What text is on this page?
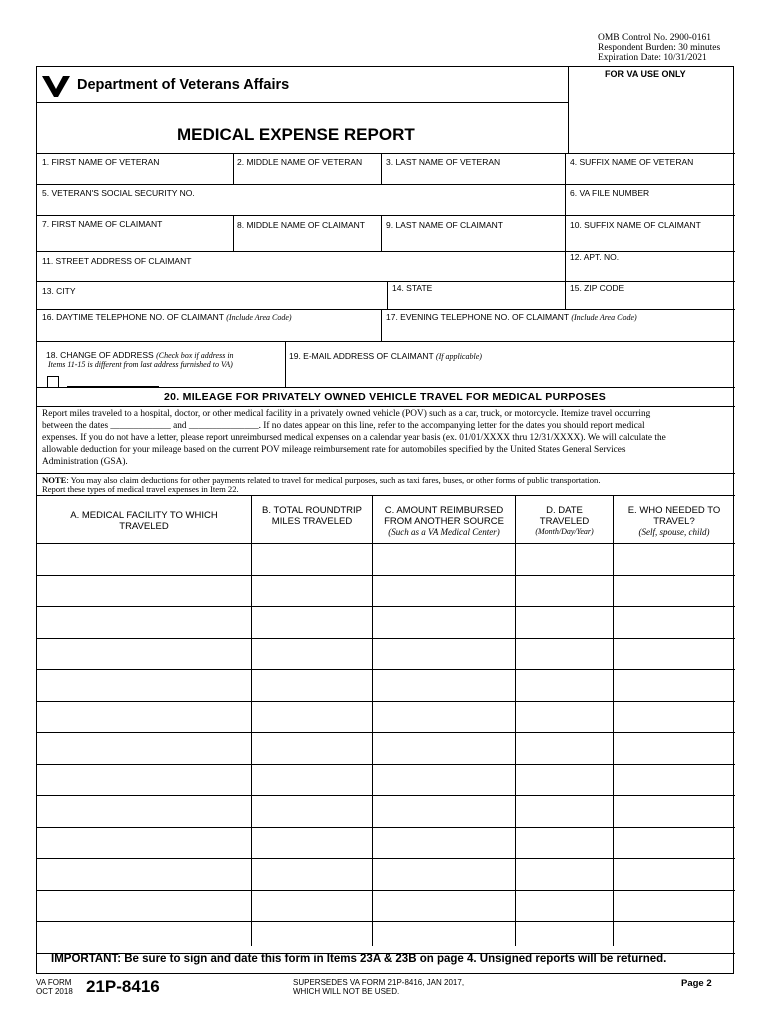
OMB Control No. 2900-0161
Respondent Burden: 30 minutes
Expiration Date: 10/31/2021
Department of Veterans Affairs
FOR VA USE ONLY
MEDICAL EXPENSE REPORT
1. FIRST NAME OF VETERAN	2. MIDDLE NAME OF VETERAN	3. LAST NAME OF VETERAN	4. SUFFIX NAME OF VETERAN
5. VETERAN'S SOCIAL SECURITY NO.	6. VA FILE NUMBER
7. FIRST NAME OF CLAIMANT	8. MIDDLE NAME OF CLAIMANT 9. LAST NAME OF CLAIMANT	10. SUFFIX NAME OF CLAIMANT
11. STREET ADDRESS OF CLAIMANT	12. APT. NO.
13. CITY	14. STATE	15. ZIP CODE
16. DAYTIME TELEPHONE NO. OF CLAIMANT (Include Area Code)	17. EVENING TELEPHONE NO. OF CLAIMANT (Include Area Code)
18. CHANGE OF ADDRESS (Check box if address in
Items 11-15 is different from last address furnished to VA)
19. E-MAIL ADDRESS OF CLAIMANT (If applicable)
20. MILEAGE FOR PRIVATELY OWNED VEHICLE TRAVEL FOR MEDICAL PURPOSES
Report miles traveled to a hospital, doctor, or other medical facility in a privately owned vehicle (POV) such as a car, truck, or motorcycle. Itemize travel occurring
between the dates _____________ and _______________. If no dates appear on this line, refer to the accompanying letter for the dates you should report medical
expenses. If you do not have a letter, please report unreimbursed medical expenses on a calendar year basis (ex. 01/01/XXXX thru 12/31/XXXX). We will calculate the
allowable deduction for your mileage based on the current POV mileage reimbursement rate for automobiles specified by the United States General Services
Administration (GSA).
NOTE: You may also claim deductions for other payments related to travel for medical purposes, such as taxi fares, buses, or other forms of public transportation.
Report these types of medical travel expenses in Item 22.
A. MEDICAL FACILITY TO WHICH
TRAVELED
B. TOTAL ROUNDTRIP
MILES TRAVELED
C. AMOUNT REIMBURSED
FROM ANOTHER SOURCE
(Such as a VA Medical Center)
D. DATE
TRAVELED
(Month/Day/Year)
E. WHO NEEDED TO
TRAVEL?
(Self, spouse, child)
IMPORTANT: Be sure to sign and date this form in Items 23A & 23B on page 4. Unsigned reports will be returned.
VA FORM
OCT 2018 21P-8416	SUPERSEDES VA FORM 21P-8416, JAN 2017,
WHICH WILL NOT BE USED.
Page 2
